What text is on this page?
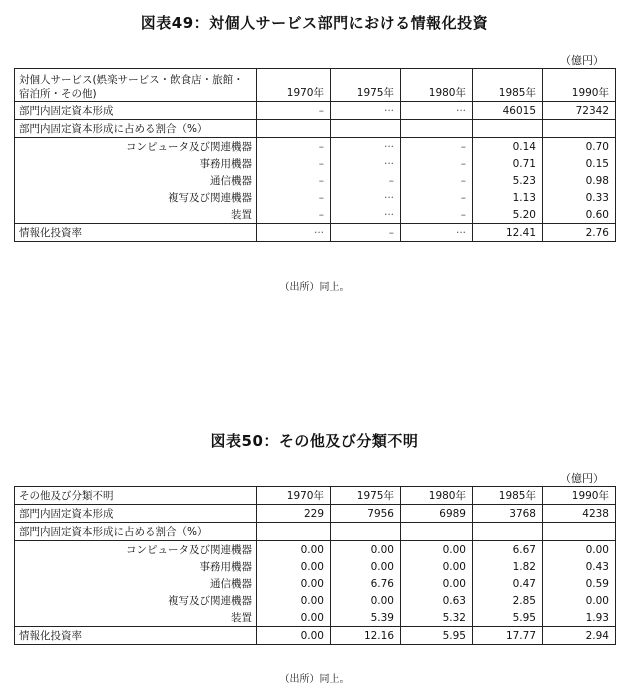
図表49：対個人サービス部門における情報化投資
（億円）
対個人サービス(娯楽サービス・飲食店・旅館・宿泊所・その他)	1970年	1975年	1980年	1985年	1990年
部門内固定資本形成	–	···	···	46015	72342
部門内固定資本形成に占める割合（%）					
コンピュータ及び関連機器	–	···	–	0.14	0.70
事務用機器	–	···	–	0.71	0.15
通信機器	–	–	–	5.23	0.98
複写及び関連機器	–	···	–	1.13	0.33
装置	–	···	–	5.20	0.60
情報化投資率	···	–	···	12.41	2.76
（出所）同上。
図表50：その他及び分類不明
（億円）
その他及び分類不明	1970年	1975年	1980年	1985年	1990年
部門内固定資本形成	229	7956	6989	3768	4238
部門内固定資本形成に占める割合（%）					
コンピュータ及び関連機器	0.00	0.00	0.00	6.67	0.00
事務用機器	0.00	0.00	0.00	1.82	0.43
通信機器	0.00	6.76	0.00	0.47	0.59
複写及び関連機器	0.00	0.00	0.63	2.85	0.00
装置	0.00	5.39	5.32	5.95	1.93
情報化投資率	0.00	12.16	5.95	17.77	2.94
（出所）同上。
